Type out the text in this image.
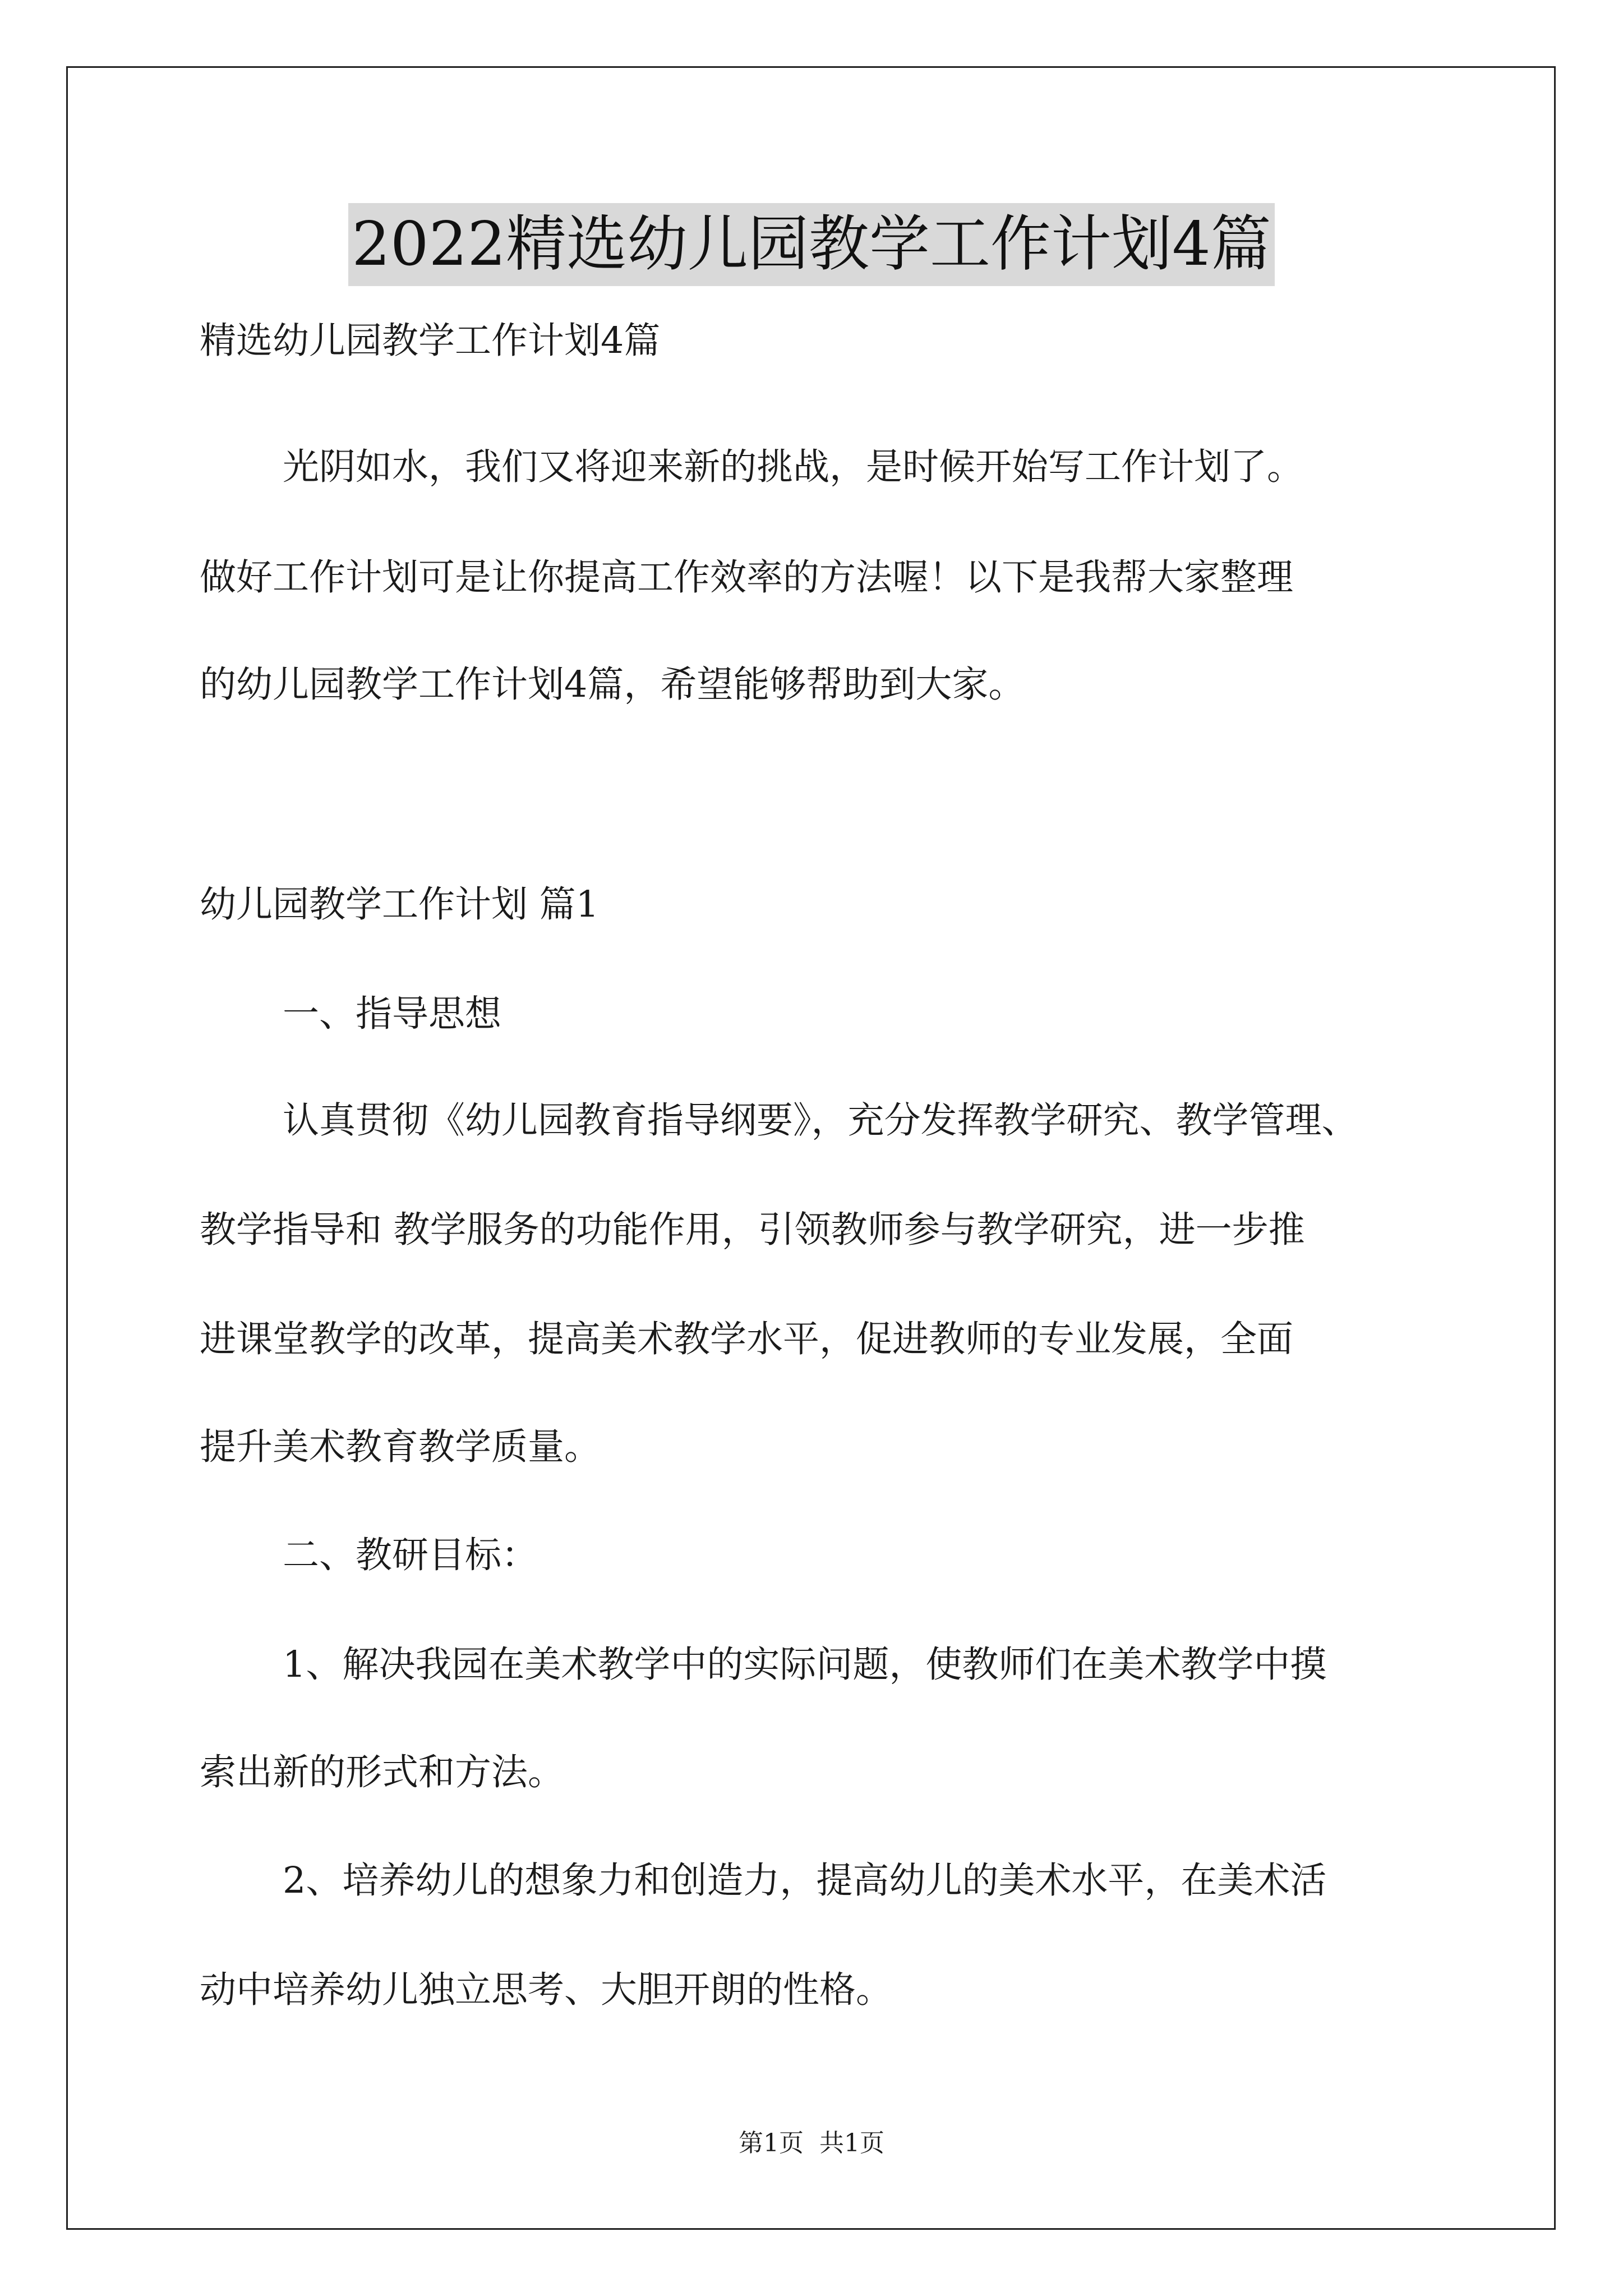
2022精选幼儿园教学工作计划4篇

精选幼儿园教学工作计划4篇

光阴如水，我们又将迎来新的挑战，是时候开始写工作计划了。

做好工作计划可是让你提高工作效率的方法喔！以下是我帮大家整理

的幼儿园教学工作计划4篇，希望能够帮助到大家。

幼儿园教学工作计划 篇1

一、指导思想

认真贯彻《幼儿园教育指导纲要》，充分发挥教学研究、教学管理、

教学指导和 教学服务的功能作用，引领教师参与教学研究，进一步推

进课堂教学的改革，提高美术教学水平，促进教师的专业发展，全面

提升美术教育教学质量。

二、教研目标：

1、解决我园在美术教学中的实际问题，使教师们在美术教学中摸

索出新的形式和方法。

2、培养幼儿的想象力和创造力，提高幼儿的美术水平，在美术活

动中培养幼儿独立思考、大胆开朗的性格。

第1页  共1页
